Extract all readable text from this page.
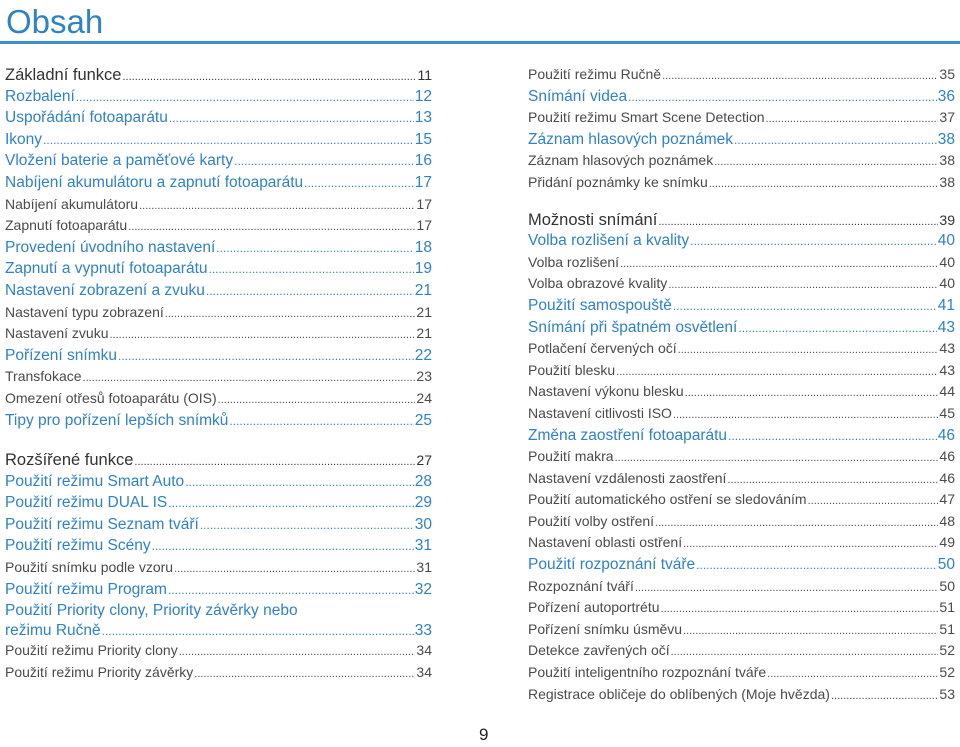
Obsah
Základní funkce .....	11
Rozbalení .....	12
Uspořádání fotoaparátu .....	13
Ikony .....	15
Vložení baterie a paměťové karty .....	16
Nabíjení akumulátoru a zapnutí fotoaparátu .....	17
Nabíjení akumulátoru .....	17
Zapnutí fotoaparátu .....	17
Provedení úvodního nastavení .....	18
Zapnutí a vypnutí fotoaparátu .....	19
Nastavení zobrazení a zvuku .....	21
Nastavení typu zobrazení .....	21
Nastavení zvuku .....	21
Pořízení snímku .....	22
Transfokace .....	23
Omezení otřesů fotoaparátu (OIS) .....	24
Tipy pro pořízení lepších snímků .....	25
Rozšířené funkce .....	27
Použití režimu Smart Auto .....	28
Použití režimu DUAL IS .....	29
Použití režimu Seznam tváří .....	30
Použití režimu Scény .....	31
Použití snímku podle vzoru .....	31
Použití režimu Program .....	32
Použití Priority clony, Priority závěrky nebo
režimu Ručně .....	33
Použití režimu Priority clony .....	34
Použití režimu Priority závěrky .....	34
Použití režimu Ručně .....	35
Snímání videa .....	36
Použití režimu Smart Scene Detection .....	37
Záznam hlasových poznámek .....	38
Záznam hlasových poznámek .....	38
Přidání poznámky ke snímku .....	38
Možnosti snímání .....	39
Volba rozlišení a kvality .....	40
Volba rozlišení .....	40
Volba obrazové kvality .....	40
Použití samospouště .....	41
Snímání při špatném osvětlení .....	43
Potlačení červených očí .....	43
Použití blesku .....	43
Nastavení výkonu blesku .....	44
Nastavení citlivosti ISO .....	45
Změna zaostření fotoaparátu .....	46
Použití makra .....	46
Nastavení vzdálenosti zaostření .....	46
Použití automatického ostření se sledováním .....	47
Použití volby ostření .....	48
Nastavení oblasti ostření .....	49
Použití rozpoznání tváře .....	50
Rozpoznání tváří .....	50
Pořízení autoportrétu .....	51
Pořízení snímku úsměvu .....	51
Detekce zavřených očí .....	52
Použití inteligentního rozpoznání tváře .....	52
Registrace obličeje do oblíbených (Moje hvězda) .....	53
9
